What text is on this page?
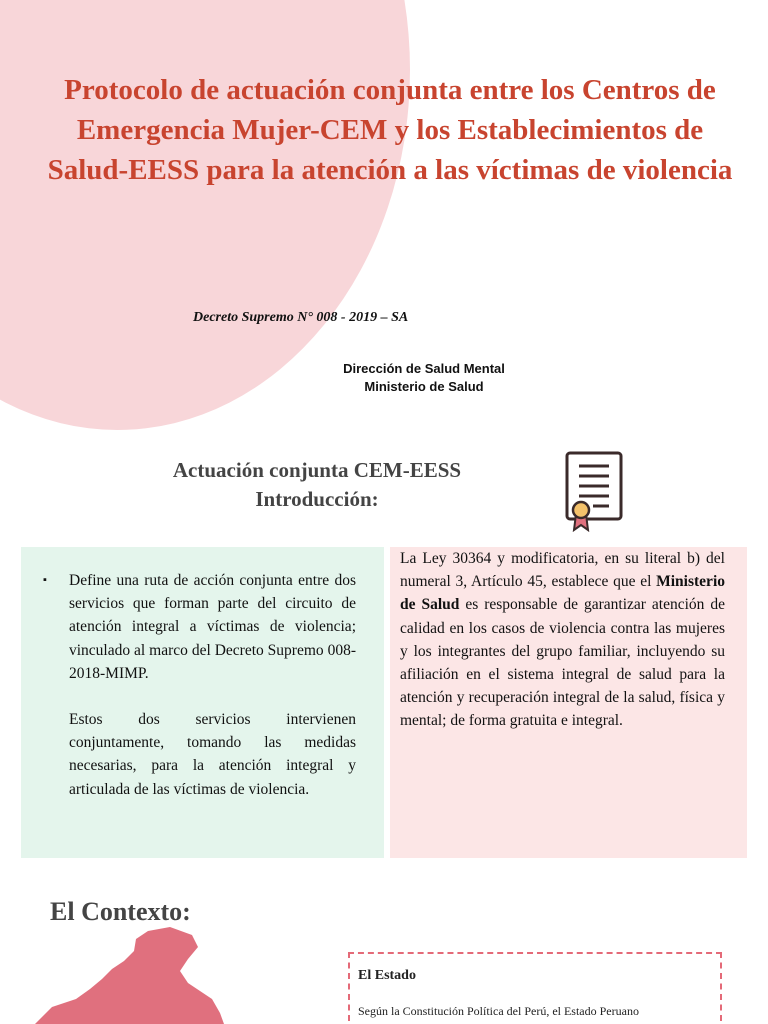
Protocolo de actuación conjunta entre los Centros de Emergencia Mujer-CEM y los Establecimientos de Salud-EESS para la atención a las víctimas de violencia
Decreto Supremo N° 008 - 2019 – SA
Dirección de Salud Mental
Ministerio de Salud
Actuación conjunta CEM-EESS
Introducción:
▪ Define una ruta de acción conjunta entre dos servicios que forman parte del circuito de atención integral a víctimas de violencia; vinculado al marco del Decreto Supremo 008-2018-MIMP.

Estos dos servicios intervienen conjuntamente, tomando las medidas necesarias, para la atención integral y articulada de las víctimas de violencia.

La Ley 30364 y modificatoria, en su literal b) del numeral 3, Artículo 45, establece que el Ministerio de Salud es responsable de garantizar atención de calidad en los casos de violencia contra las mujeres y los integrantes del grupo familiar, incluyendo su afiliación en el sistema integral de salud para la atención y recuperación integral de la salud, física y mental; de forma gratuita e integral.

El Contexto:
El Estado
Según la Constitución Política del Perú, el Estado Peruano
